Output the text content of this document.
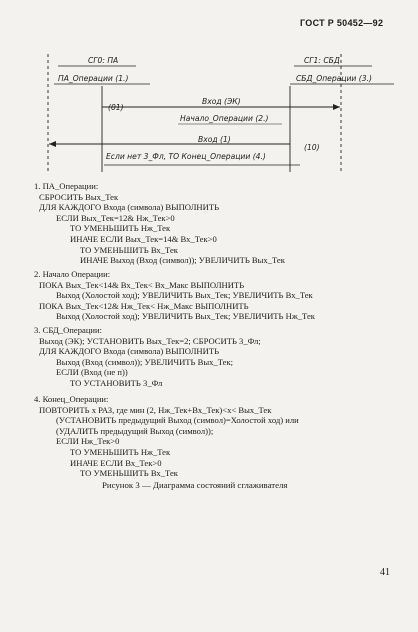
ГОСТ Р 50452—92
СГ0: ПА
ПА_Операции (1.)
СГ1: СБД
СБД_Операции (3.)
(01)
Вход (ЭК)
Начало_Операции (2.)
Вход (1)
(10)
Если нет 3_Фл, ТО Конец_Операции (4.)
1. ПА_Операции:
СБРОСИТЬ Вых_Тек
ДЛЯ КАЖДОГО Входа (символа) ВЫПОЛНИТЬ
ЕСЛИ Вых_Тек=12& Нж_Тек>0
ТО УМЕНЬШИТЬ Нж_Тек
ИНАЧЕ ЕСЛИ Вых_Тек=14& Вх_Тек>0
ТО УМЕНЬШИТЬ Вх_Тек
ИНАЧЕ Выход (Вход (символ)); УВЕЛИЧИТЬ Вых_Тек
2. Начало Операции:
ПОКА Вых_Тек<14& Вх_Тек< Вх_Макс ВЫПОЛНИТЬ
Выход (Холостой ход); УВЕЛИЧИТЬ Вых_Тек; УВЕЛИЧИТЬ Вх_Тек
ПОКА Вых_Тек<12& Нж_Тек< Нж_Макс ВЫПОЛНИТЬ
Выход (Холостой ход); УВЕЛИЧИТЬ Вых_Тек; УВЕЛИЧИТЬ Нж_Тек
3. СБД_Операции:
Выход (ЭК); УСТАНОВИТЬ Вых_Тек=2; СБРОСИТЬ 3_Фл;
ДЛЯ КАЖДОГО Входа (символа) ВЫПОЛНИТЬ
Выход (Вход (символ)); УВЕЛИЧИТЬ Вых_Тек;
ЕСЛИ (Вход (не п))
ТО УСТАНОВИТЬ 3_Фл
4. Конец_Операции:
ПОВТОРИТЬ x РАЗ, где мин (2, Нж_Тек+Вх_Тек)<x< Вых_Тек
(УСТАНОВИТЬ предыдущий Выход (символ)=Холостой ход) или
(УДАЛИТЬ предыдущий Выход (символ));
ЕСЛИ Нж_Тек>0
ТО УМЕНЬШИТЬ Нж_Тек
ИНАЧЕ ЕСЛИ Вх_Тек>0
ТО УМЕНЬШИТЬ Вх_Тек
Рисунок 3 — Диаграмма состояний сглаживателя
41
